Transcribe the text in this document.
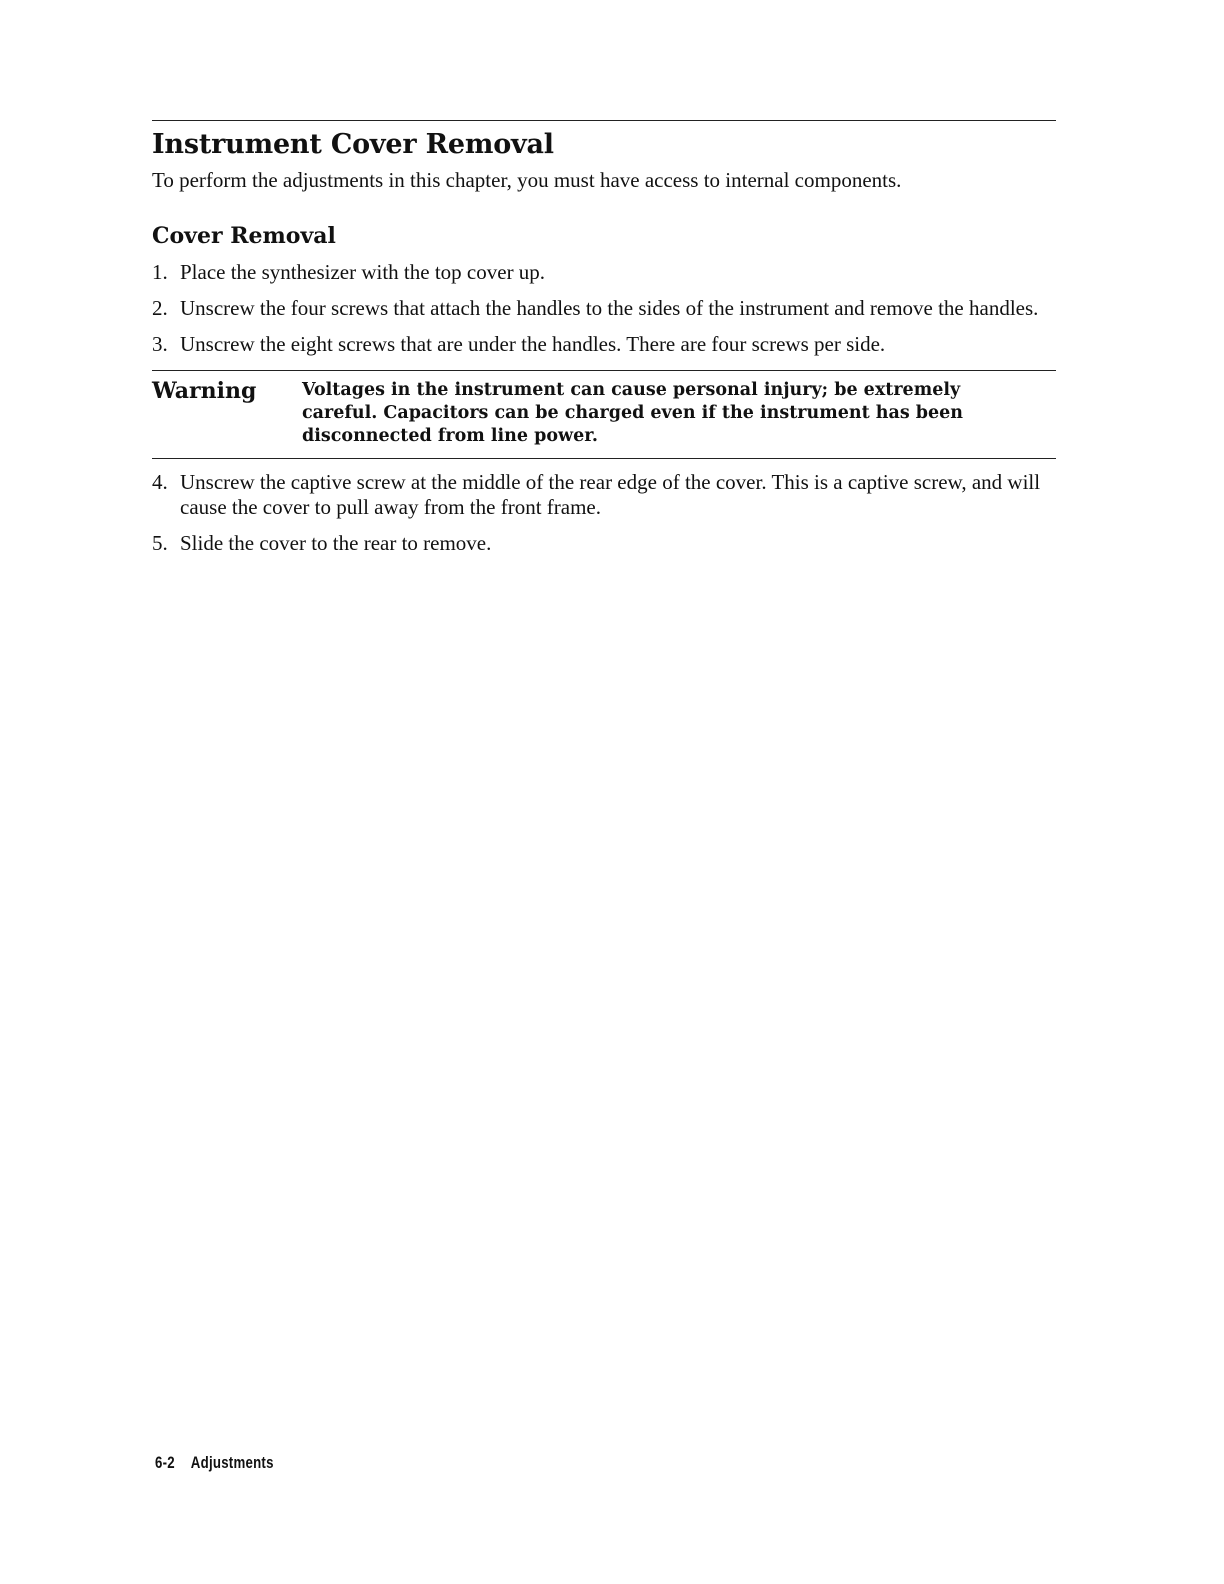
Instrument Cover Removal

To perform the adjustments in this chapter, you must have access to internal components.

Cover Removal
1. Place the synthesizer with the top cover up.
2. Unscrew the four screws that attach the handles to the sides of the instrument and remove the handles.
3. Unscrew the eight screws that are under the handles. There are four screws per side.
Warning	Voltages in the instrument can cause personal injury; be extremely careful. Capacitors can be charged even if the instrument has been disconnected from line power.
4. Unscrew the captive screw at the middle of the rear edge of the cover. This is a captive screw, and will cause the cover to pull away from the front frame.
5. Slide the cover to the rear to remove.
6-2 Adjustments
